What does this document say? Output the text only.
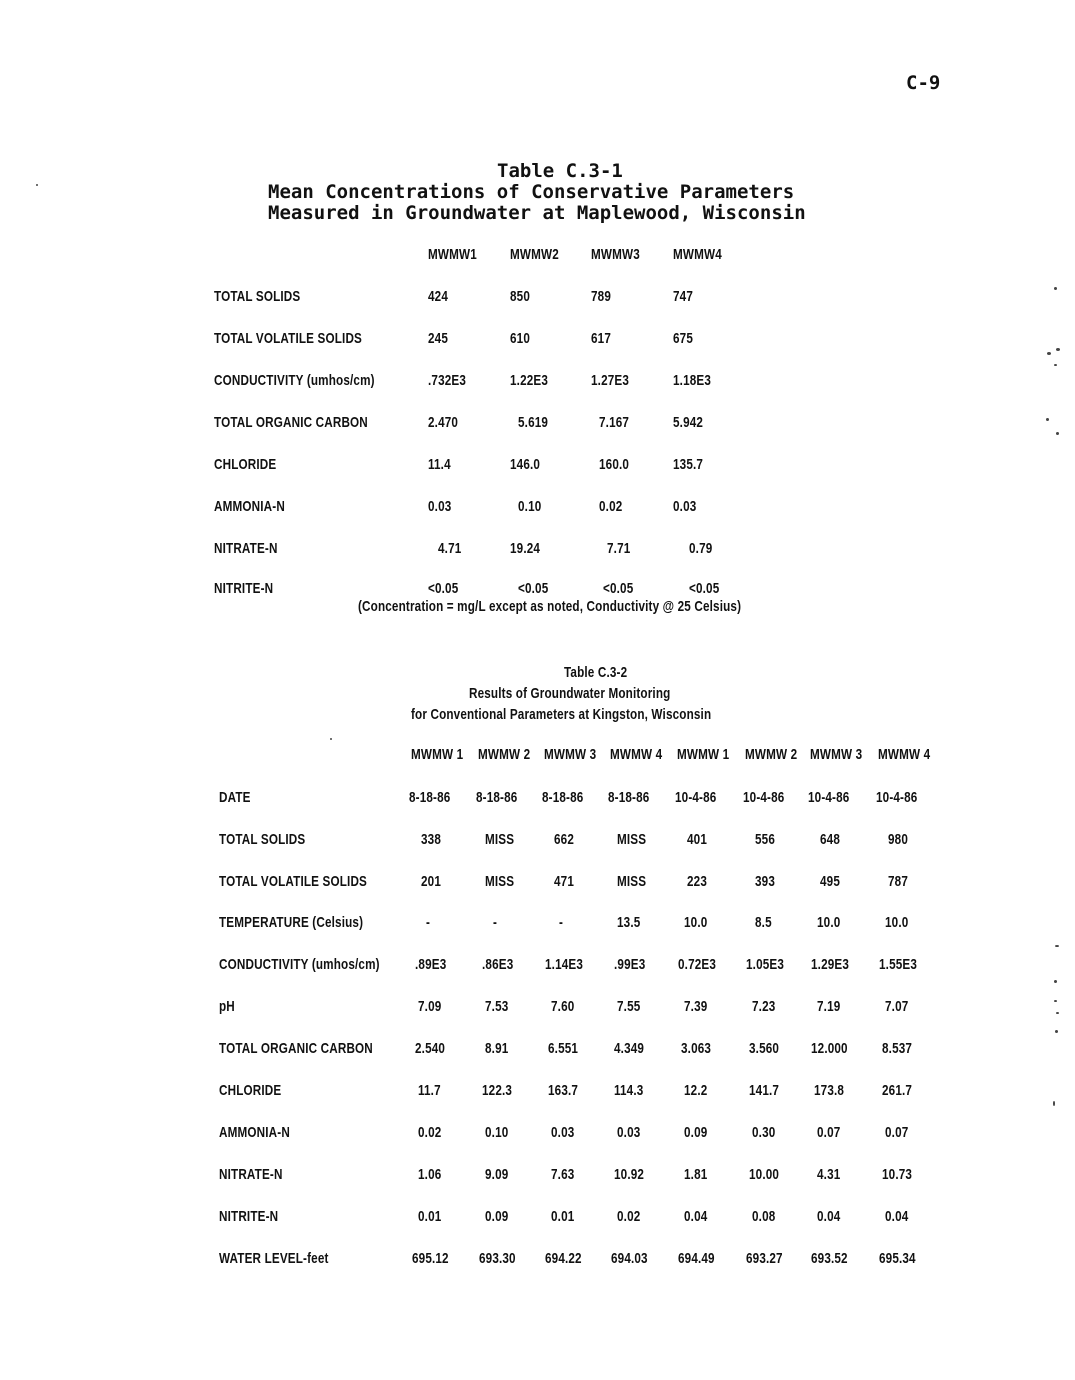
C-9
Table C.3-1
Mean Concentrations of Conservative Parameters
Measured in Groundwater at Maplewood, Wisconsin
MWMW1 MWMW2 MWMW3 MWMW4
TOTAL SOLIDS	424	850	789	747
TOTAL VOLATILE SOLIDS	245	610	617	675
CONDUCTIVITY (umhos/cm)	.732E3	1.22E3	1.27E3	1.18E3
TOTAL ORGANIC CARBON	2.470	5.619	7.167	5.942
CHLORIDE	11.4	146.0	160.0	135.7
AMMONIA-N	0.03	0.10	0.02	0.03
NITRATE-N	4.71	19.24	7.71	0.79
NITRITE-N	<0.05	<0.05	<0.05	<0.05
(Concentration = mg/L except as noted, Conductivity @ 25 Celsius)
Table C.3-2
Results of Groundwater Monitoring
for Conventional Parameters at Kingston, Wisconsin
MWMW 1 MWMW 2 MWMW 3 MWMW 4 MWMW 1 MWMW 2 MWMW 3 MWMW 4
DATE	8-18-86 8-18-86 8-18-86 8-18-86 10-4-86 10-4-86 10-4-86 10-4-86
TOTAL SOLIDS	338	MISS	662	MISS	401	556	648	980
TOTAL VOLATILE SOLIDS	201	MISS	471	MISS	223	393	495	787
TEMPERATURE (Celsius)	-	-	-	13.5	10.0	8.5	10.0	10.0
CONDUCTIVITY (umhos/cm) .89E3 .86E3 1.14E3 .99E3 0.72E3 1.05E3 1.29E3 1.55E3
pH	7.09	7.53	7.60	7.55	7.39	7.23	7.19	7.07
TOTAL ORGANIC CARBON	2.540	8.91	6.551 4.349 3.063	3.560 12.000 8.537
CHLORIDE	11.7	122.3 163.7 114.3	12.2	141.7 173.8	261.7
AMMONIA-N	0.02	0.10	0.03	0.03	0.09	0.30	0.07	0.07
NITRATE-N	1.06	9.09	7.63	10.92	1.81	10.00	4.31	10.73
NITRITE-N	0.01	0.09	0.01	0.02	0.04	0.08	0.04	0.04
WATER LEVEL-feet	695.12 693.30 694.22 694.03 694.49 693.27 693.52 695.34
